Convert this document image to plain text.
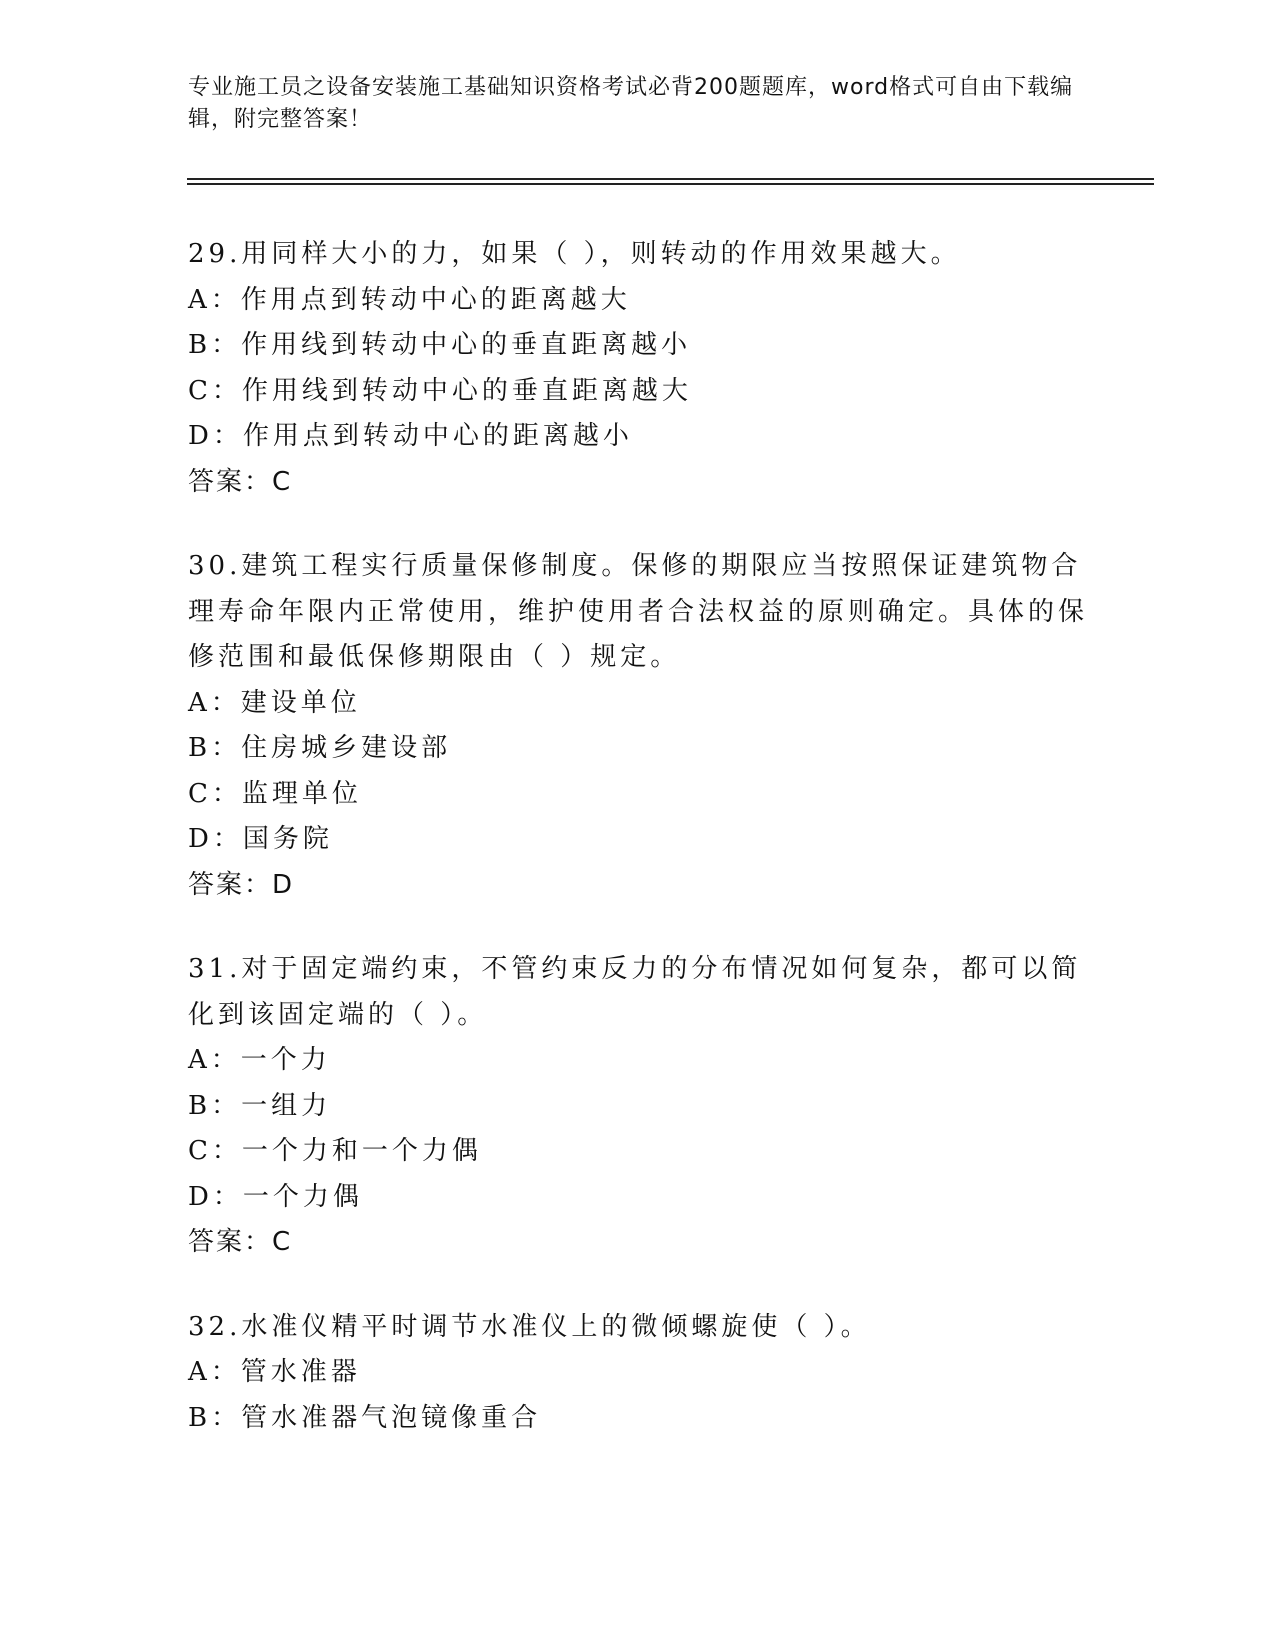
专业施工员之设备安装施工基础知识资格考试必背200题题库，word格式可自由下载编辑，附完整答案！

29.用同样大小的力，如果（ ），则转动的作用效果越大。

A：作用点到转动中心的距离越大

B：作用线到转动中心的垂直距离越小

C：作用线到转动中心的垂直距离越大

D：作用点到转动中心的距离越小

答案：C

30.建筑工程实行质量保修制度。保修的期限应当按照保证建筑物合理寿命年限内正常使用，维护使用者合法权益的原则确定。具体的保修范围和最低保修期限由（ ）规定。

A：建设单位

B：住房城乡建设部

C：监理单位

D：国务院

答案：D

31.对于固定端约束，不管约束反力的分布情况如何复杂，都可以简化到该固定端的（ ）。

A：一个力

B：一组力

C：一个力和一个力偶

D：一个力偶

答案：C

32.水准仪精平时调节水准仪上的微倾螺旋使（ ）。

A：管水准器

B：管水准器气泡镜像重合
